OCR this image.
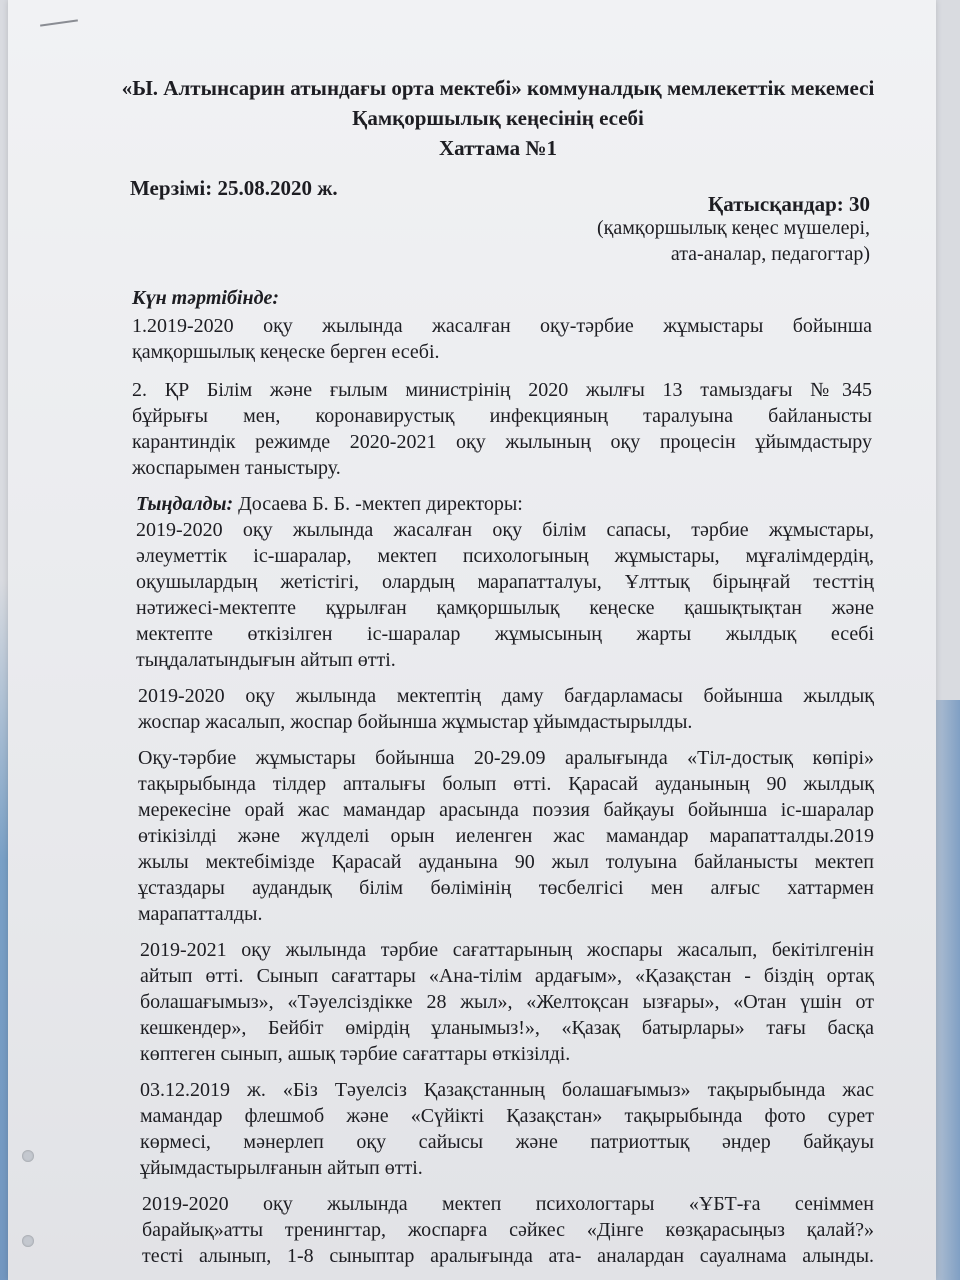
«Ы. Алтынсарин атындағы орта мектебі» коммуналдық мемлекеттік мекемесі
Қамқоршылық кеңесінің есебі
Хаттама №1
Мерзімі: 25.08.2020 ж.
Қатысқандар: 30
(қамқоршылық кеңес мүшелері,
ата-аналар, педагогтар)
Күн тәртібінде:
1.2019-2020 оқу жылында жасалған оқу-тәрбие жұмыстары бойынша
қамқоршылық кеңеске берген есебі.
2. ҚР Білім және ғылым министрінің 2020 жылғы 13 тамыздағы №345
бұйрығы мен, коронавирустық инфекцияның таралуына байланысты
карантиндік режимде 2020-2021 оқу жылының оқу процесін ұйымдастыру
жоспарымен таныстыру.
Тыңдалды: Досаева Б. Б. -мектеп директоры:
2019-2020 оқу жылында жасалған оқу білім сапасы, тәрбие жұмыстары,
әлеуметтік іс-шаралар, мектеп психологының жұмыстары, мұғалімдердің,
оқушылардың жетістігі, олардың марапатталуы, Ұлттық бірыңғай тесттің
нәтижесі-мектепте құрылған қамқоршылық кеңеске қашықтықтан және
мектепте өткізілген іс-шаралар жұмысының жарты жылдық есебі
тыңдалатындығын айтып өтті.
2019-2020 оқу жылында мектептің даму бағдарламасы бойынша жылдық
жоспар жасалып, жоспар бойынша жұмыстар ұйымдастырылды.
Оқу-тәрбие жұмыстары бойынша 20-29.09 аралығында «Тіл-достық көпірі»
тақырыбында тілдер апталығы болып өтті. Қарасай ауданының 90 жылдық
мерекесіне орай жас мамандар арасында поэзия байқауы бойынша іс-шаралар
өтікізілді және жүлделі орын иеленген жас мамандар марапатталды.2019
жылы мектебімізде Қарасай ауданына 90 жыл толуына байланысты мектеп
ұстаздары аудандық білім бөлімінің төсбелгісі мен алғыс хаттармен
марапатталды.
2019-2021 оқу жылында тәрбие сағаттарының жоспары жасалып, бекітілгенін
айтып өтті. Сынып сағаттары «Ана-тілім ардағым», «Қазақстан - біздің ортақ
болашағымыз», «Тәуелсіздікке 28 жыл», «Желтоқсан ызғары», «Отан үшін от
кешкендер», Бейбіт өмірдің ұланымыз!», «Қазақ батырлары» тағы басқа
көптеген сынып, ашық тәрбие сағаттары өткізілді.
03.12.2019 ж. «Біз Тәуелсіз Қазақстанның болашағымыз» тақырыбында жас
мамандар флешмоб және «Сүйікті Қазақстан» тақырыбында фото сурет
көрмесі, мәнерлеп оқу сайысы және патриоттық әндер байқауы
ұйымдастырылғанын айтып өтті.
2019-2020 оқу жылында мектеп психологтары «ҰБТ-ға сеніммен
барайық»атты тренингтар, жоспарға сәйкес «Дінге көзқарасыңыз қалай?»
тесті алынып, 1-8 сыныптар аралығында ата- аналардан сауалнама алынды.
